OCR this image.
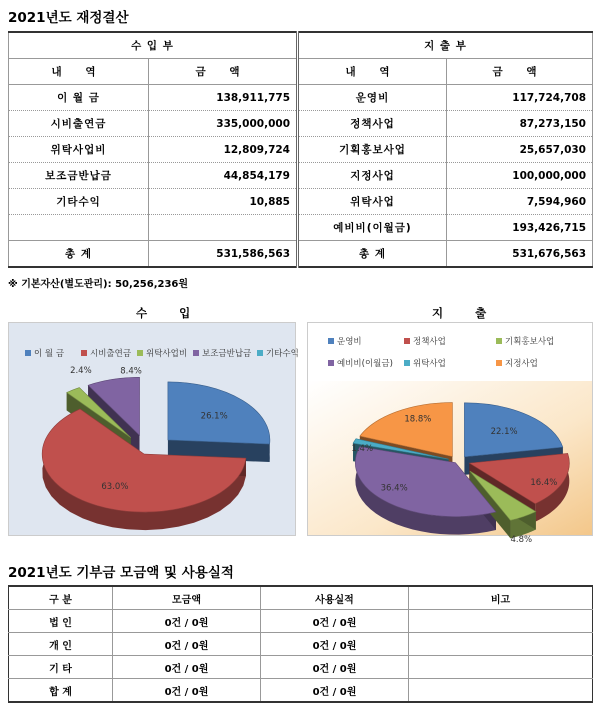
2021년도 재정결산
수 입 부		지 출 부	
내 역	금 액	내 역	금 액
이 월 금	138,911,775	운영비	117,724,708
시비출연금	335,000,000	정책사업	87,273,150
위탁사업비	12,809,724	기획홍보사업	25,657,030
보조금반납금	44,854,179	지정사업	100,000,000
기타수익	10,885	위탁사업	7,594,960
		예비비(이월금)	193,426,715
총 계	531,586,563	총 계	531,676,563
※ 기본자산(별도관리): 50,256,236원
수 입	지 출
이 월 금	시비출연금 위탁사업비 보조금반납금 기타수익
26.1%
63.0%
2.4%	8.4%
운영비	정책사업	기획홍보사업
예비비(이월금) 위탁사업	지정사업
22.1%
16.4%
4.8%
36.4%
1.4%
18.8%
2021년도 기부금 모금액 및 사용실적
구 분	모금액	사용실적	비고
법 인	0건 / 0원	0건 / 0원	
개 인	0건 / 0원	0건 / 0원	
기 타	0건 / 0원	0건 / 0원	
합 계	0건 / 0원	0건 / 0원	
